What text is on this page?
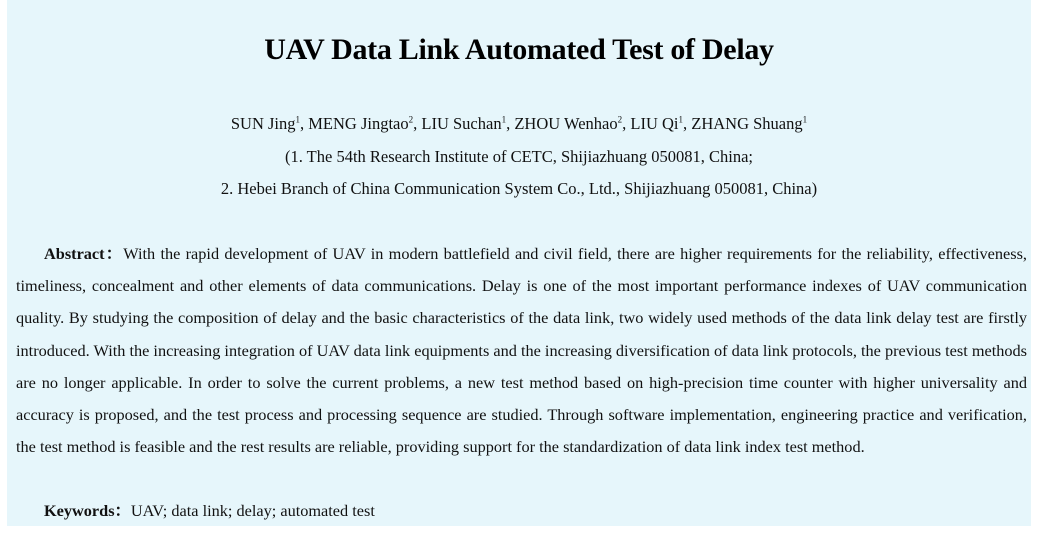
UAV Data Link Automated Test of Delay
SUN Jing$^1$, MENG Jingtao$^2$, LIU Suchan$^1$, ZHOU Wenhao$^2$, LIU Qi$^1$, ZHANG Shuang$^1$
(1. The 54th Research Institute of CETC, Shijiazhuang 050081, China;
2. Hebei Branch of China Communication System Co., Ltd., Shijiazhuang 050081, China)

Abstract：With the rapid development of UAV in modern battlefield and civil field, there are higher requirements for the reliability, effectiveness, timeliness, concealment and other elements of data communications. Delay is one of the most important performance indexes of UAV communication quality. By studying the composition of delay and the basic characteristics of the data link, two widely used methods of the data link delay test are firstly introduced. With the increasing integration of UAV data link equipments and the increasing diversification of data link protocols, the previous test methods are no longer applicable. In order to solve the current problems, a new test method based on high-precision time counter with higher universality and accuracy is proposed, and the test process and processing sequence are studied. Through software implementation, engineering practice and verification, the test method is feasible and the rest results are reliable, providing support for the standardization of data link index test method.

Keywords：UAV; data link; delay; automated test
